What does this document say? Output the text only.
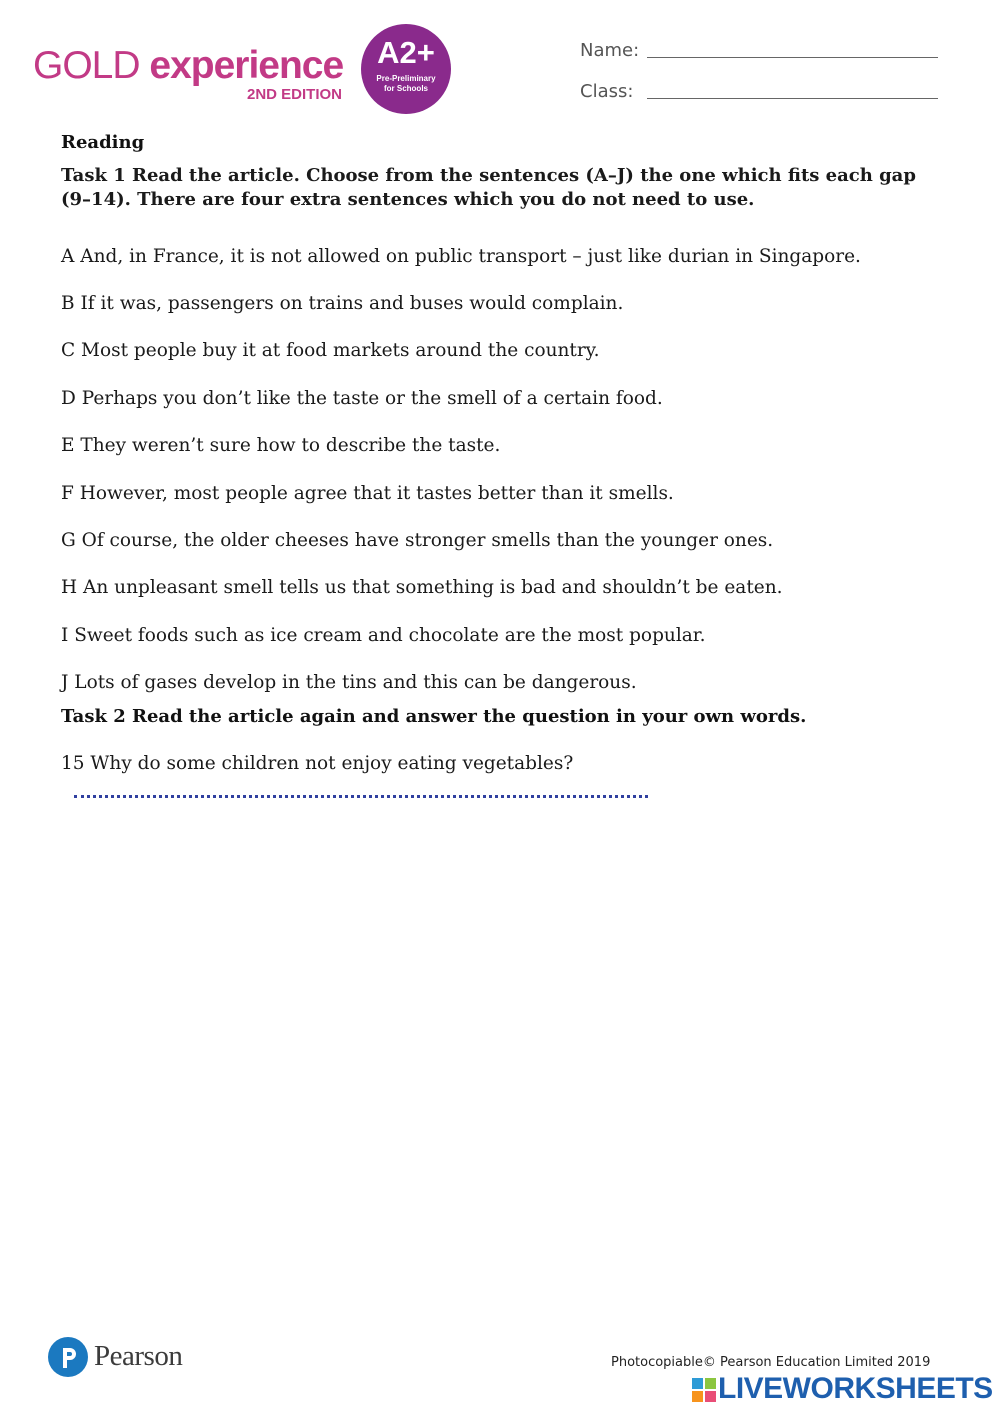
GOLD experience
2ND EDITION
A2+
Pre-Preliminary
for Schools
Name:
Class:
Reading
Task 1 Read the article. Choose from the sentences (A–J) the one which fits each gap (9–14). There are four extra sentences which you do not need to use.
A And, in France, it is not allowed on public transport – just like durian in Singapore.
B If it was, passengers on trains and buses would complain.
C Most people buy it at food markets around the country.
D Perhaps you don’t like the taste or the smell of a certain food.
E They weren’t sure how to describe the taste.
F However, most people agree that it tastes better than it smells.
G Of course, the older cheeses have stronger smells than the younger ones.
H An unpleasant smell tells us that something is bad and shouldn’t be eaten.
I Sweet foods such as ice cream and chocolate are the most popular.
J Lots of gases develop in the tins and this can be dangerous.
Task 2 Read the article again and answer the question in your own words.
15 Why do some children not enjoy eating vegetables?
Pearson	Photocopiable© Pearson Education Limited 2019
LIVEWORKSHEETS
